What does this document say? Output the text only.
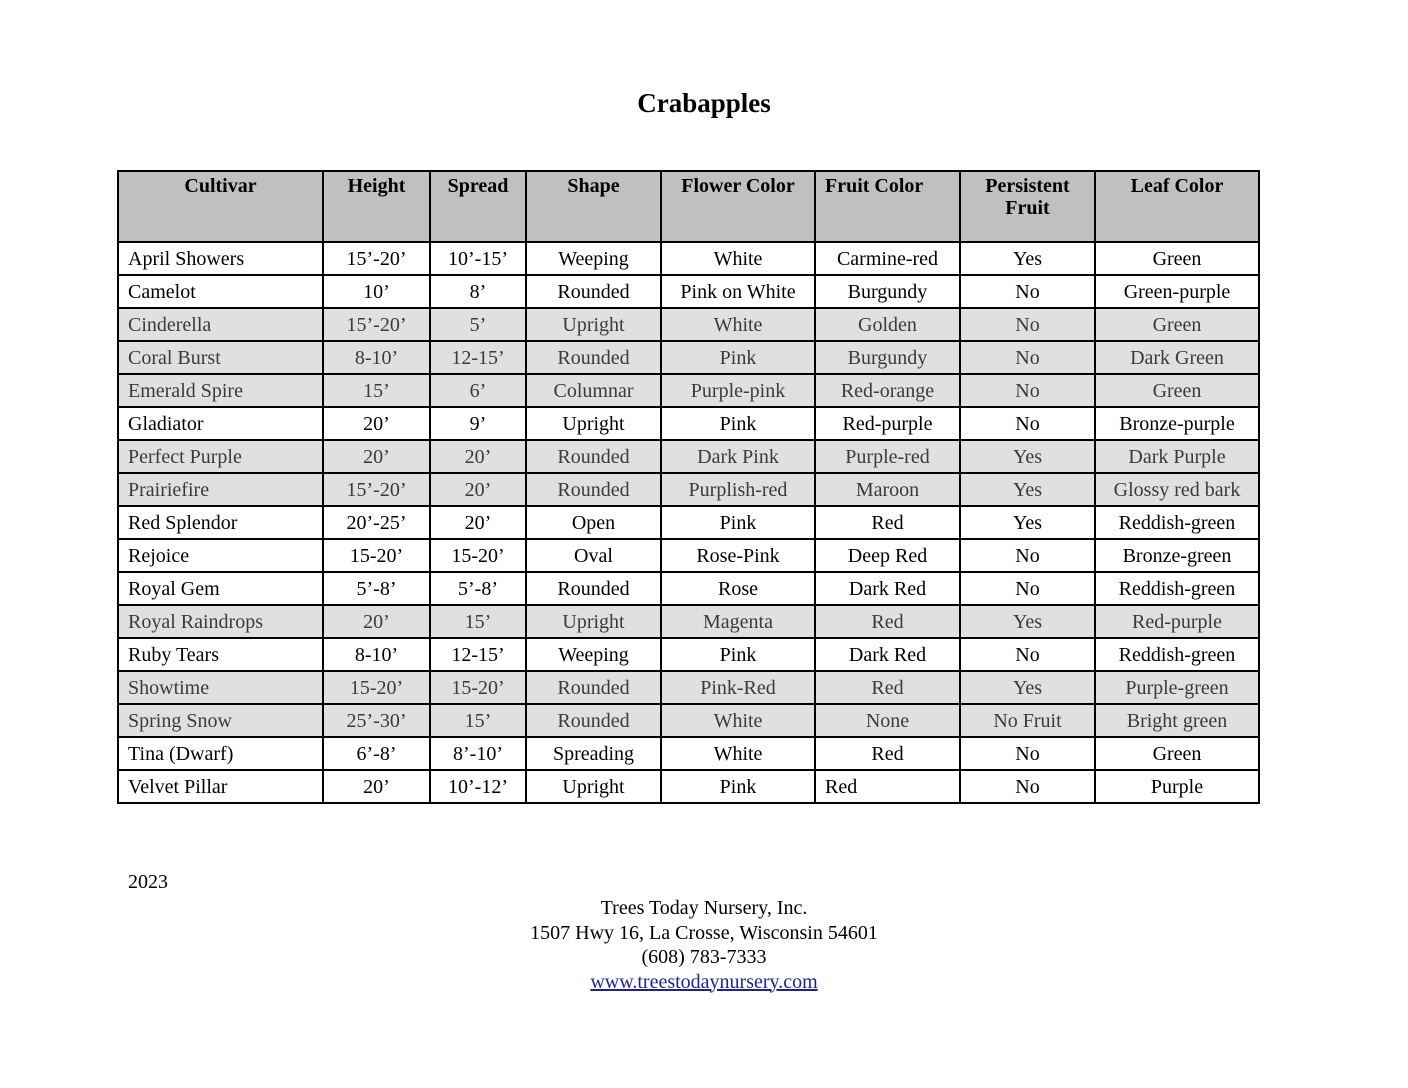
Crabapples
Cultivar	Height	Spread	Shape	Flower Color	Fruit Color	Persistent Fruit	Leaf Color
April Showers	15’-20’	10’-15’	Weeping	White	Carmine-red	Yes	Green
Camelot	10’	8’	Rounded	Pink on White	Burgundy	No	Green-purple
Cinderella	15’-20’	5’	Upright	White	Golden	No	Green
Coral Burst	8-10’	12-15’	Rounded	Pink	Burgundy	No	Dark Green
Emerald Spire	15’	6’	Columnar	Purple-pink	Red-orange	No	Green
Gladiator	20’	9’	Upright	Pink	Red-purple	No	Bronze-purple
Perfect Purple	20’	20’	Rounded	Dark Pink	Purple-red	Yes	Dark Purple
Prairiefire	15’-20’	20’	Rounded	Purplish-red	Maroon	Yes	Glossy red bark
Red Splendor	20’-25’	20’	Open	Pink	Red	Yes	Reddish-green
Rejoice	15-20’	15-20’	Oval	Rose-Pink	Deep Red	No	Bronze-green
Royal Gem	5’-8’	5’-8’	Rounded	Rose	Dark Red	No	Reddish-green
Royal Raindrops	20’	15’	Upright	Magenta	Red	Yes	Red-purple
Ruby Tears	8-10’	12-15’	Weeping	Pink	Dark Red	No	Reddish-green
Showtime	15-20’	15-20’	Rounded	Pink-Red	Red	Yes	Purple-green
Spring Snow	25’-30’	15’	Rounded	White	None	No Fruit	Bright green
Tina (Dwarf)	6’-8’	8’-10’	Spreading	White	Red	No	Green
Velvet Pillar	20’	10’-12’	Upright	Pink	Red	No	Purple
2023
Trees Today Nursery, Inc.
1507 Hwy 16, La Crosse, Wisconsin 54601
(608) 783-7333
www.treestodaynursery.com
